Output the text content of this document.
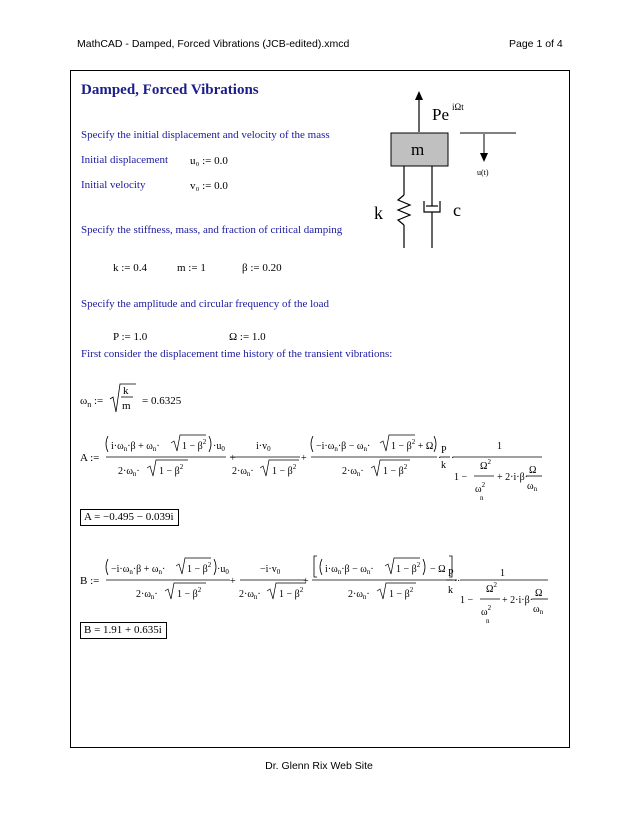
MathCAD - Damped, Forced Vibrations (JCB-edited).xmcd	Page 1 of 4
Damped, Forced Vibrations
Specify the initial displacement and velocity of the mass
Initial displacement u₀ := 0.0
Initial velocity	v₀ := 0.0
Specify the stiffness, mass, and fraction of critical damping
k := 0.4	m := 1	β := 0.20
Specify the amplitude and circular frequency of the load
P := 1.0	Ω := 1.0
First consider the displacement time history of the transient vibrations:
Pe iΩt
u(t)
m
k	c
$\omega_n$ :=
k
m = 0.6325
A :=
$i\cdot\omega_n\cdot\beta + \omega_n\cdot 1 - \beta^2 \cdot u_0$
$2\cdot\omega_n\cdot 1 - \beta^2$
+
$i\cdot v_0$
$2\cdot\omega_n\cdot 1 - \beta^2$
+
$-i\cdot\omega_n\cdot\beta - \omega_n\cdot 1 - \beta^2 + \Omega$
$2\cdot\omega_n\cdot 1 - \beta^2$
·
P
k
·
1
1 −
$\Omega^2$
$\omega^2$
n
+ 2·i·β·
Ω
$\omega_n$
A = −0.495 − 0.039i
B :=
$-i\cdot\omega_n\cdot\beta + \omega_n\cdot 1 - \beta^2 \cdot u_0$
$2\cdot\omega_n\cdot 1 - \beta^2$
+
$-i\cdot v_0$
$2\cdot\omega_n\cdot 1 - \beta^2$
+
$i\cdot\omega_n\cdot\beta - \omega_n\cdot 1 - \beta^2 - \Omega$
$2\cdot\omega_n\cdot 1 - \beta^2$
·
P
k
·
1
1 −
$\Omega^2$
$\omega^2$
n
+ 2·i·β·
Ω
$\omega_n$
B = 1.91 + 0.635i
Dr. Glenn Rix Web Site
